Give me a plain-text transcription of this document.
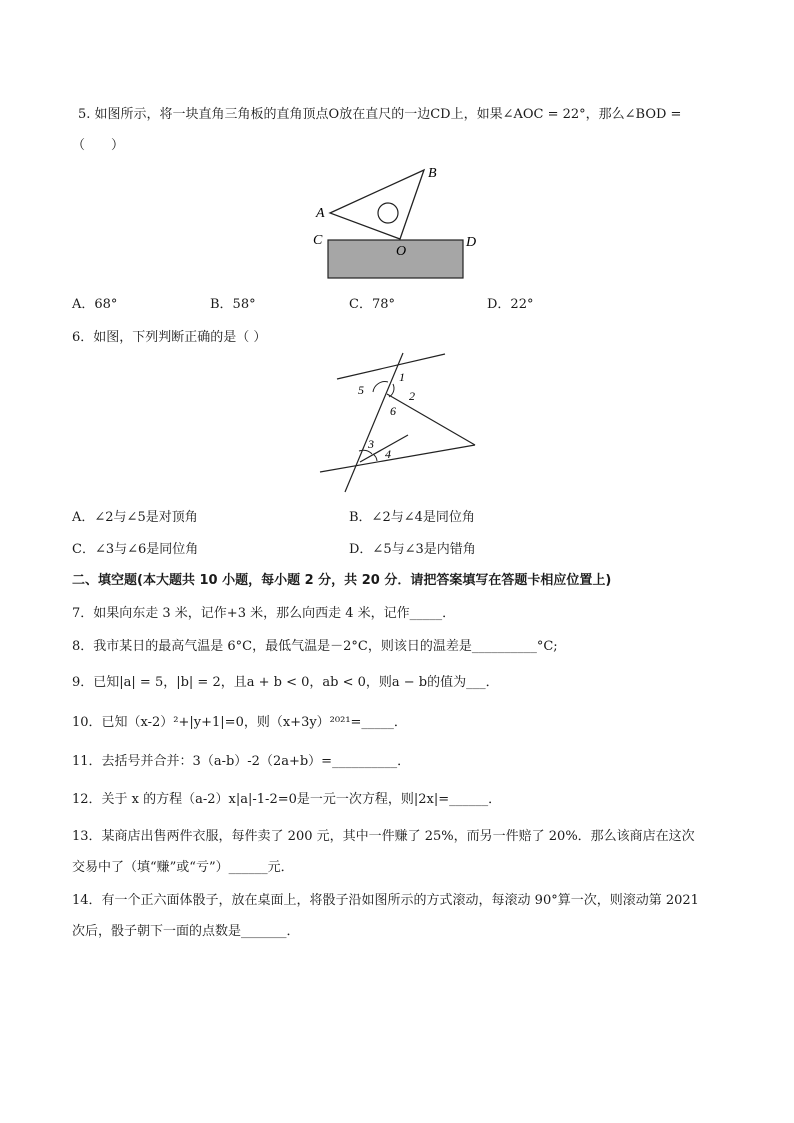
5. 如图所示，将一块直角三角板的直角顶点O放在直尺的一边CD上，如果∠AOC = 22°，那么∠BOD =
（　　）
A
B
C	D
O
A．68°	B．58°	C．78°	D．22°
6．如图，下列判断正确的是（ ）
1
2
3
4
5
6
A．∠2与∠5是对顶角	B．∠2与∠4是同位角
C．∠3与∠6是同位角	D．∠5与∠3是内错角
二、填空题(本大题共 10 小题，每小题 2 分，共 20 分．请把答案填写在答题卡相应位置上)
7．如果向东走 3 米，记作+3 米，那么向西走 4 米，记作_____．
8．我市某日的最高气温是 6°C，最低气温是－2°C，则该日的温差是__________°C;
9．已知|a| = 5，|b| = 2，且a + b < 0，ab < 0，则a − b的值为___．
10．已知（x-2）²+|y+1|=0，则（x+3y）²⁰²¹=_____．
11．去括号并合并：3（a-b）-2（2a+b）=__________．
12．关于 x 的方程（a-2）x|a|-1-2=0是一元一次方程，则|2x|=______．
13．某商店出售两件衣服，每件卖了 200 元，其中一件赚了 25%，而另一件赔了 20%．那么该商店在这次
交易中了（填“赚”或“亏”）______元．
14．有一个正六面体骰子，放在桌面上，将骰子沿如图所示的方式滚动，每滚动 90°算一次，则滚动第 2021
次后，骰子朝下一面的点数是_______．
